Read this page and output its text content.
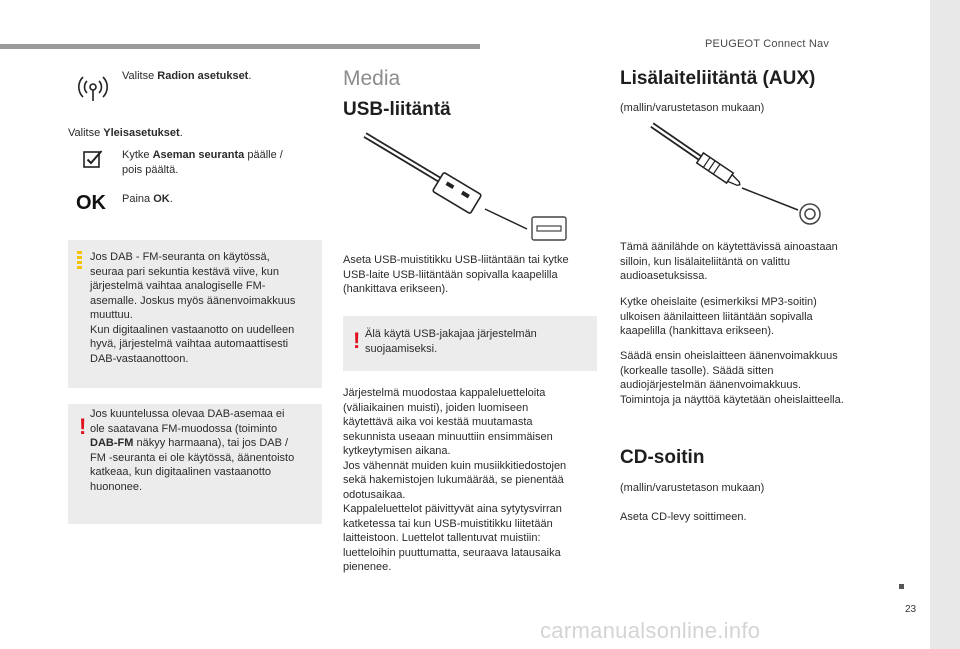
PEUGEOT Connect Nav
23
carmanualsonline.info
Valitse Radion asetukset.
Valitse Yleisasetukset.
Kytke Aseman seuranta päälle /
pois päältä.
OK Paina OK.
Jos DAB - FM-seuranta on käytössä,
seuraa pari sekuntia kestävä viive, kun
järjestelmä vaihtaa analogiselle FM-
asemalle. Joskus myös äänenvoimakkuus
muuttuu.
Kun digitaalinen vastaanotto on uudelleen
hyvä, järjestelmä vaihtaa automaattisesti
DAB-vastaanottoon.
! Jos kuuntelussa olevaa DAB-asemaa ei
ole saatavana FM-muodossa (toiminto
DAB-FM näkyy harmaana), tai jos DAB /
FM -seuranta ei ole käytössä, äänentoisto
katkeaa, kun digitaalinen vastaanotto
huononee.
Media
USB-liitäntä
Aseta USB-muistitikku USB-liitäntään tai kytke
USB-laite USB-liitäntään sopivalla kaapelilla
(hankittava erikseen).
! Älä käytä USB-jakajaa järjestelmän
suojaamiseksi.
Järjestelmä muodostaa kappaleluetteloita
(väliaikainen muisti), joiden luomiseen
käytettävä aika voi kestää muutamasta
sekunnista useaan minuuttiin ensimmäisen
kytkeytymisen aikana.
Jos vähennät muiden kuin musiikkitiedostojen
sekä hakemistojen lukumäärää, se pienentää
odotusaikaa.
Kappaleluettelot päivittyvät aina sytytysvirran
katketessa tai kun USB-muistitikku liitetään
laitteistoon. Luettelot tallentuvat muistiin:
luetteloihin puuttumatta, seuraava latausaika
pienenee.
Lisälaiteliitäntä (AUX)
(mallin/varustetason mukaan)
Tämä äänilähde on käytettävissä ainoastaan
silloin, kun lisälaiteliitäntä on valittu
audioasetuksissa.
Kytke oheislaite (esimerkiksi MP3-soitin)
ulkoisen äänilaitteen liitäntään sopivalla
kaapelilla (hankittava erikseen).
Säädä ensin oheislaitteen äänenvoimakkuus
(korkealle tasolle). Säädä sitten
audiojärjestelmän äänenvoimakkuus.
Toimintoja ja näyttöä käytetään oheislaitteella.
CD-soitin
(mallin/varustetason mukaan)
Aseta CD-levy soittimeen.
